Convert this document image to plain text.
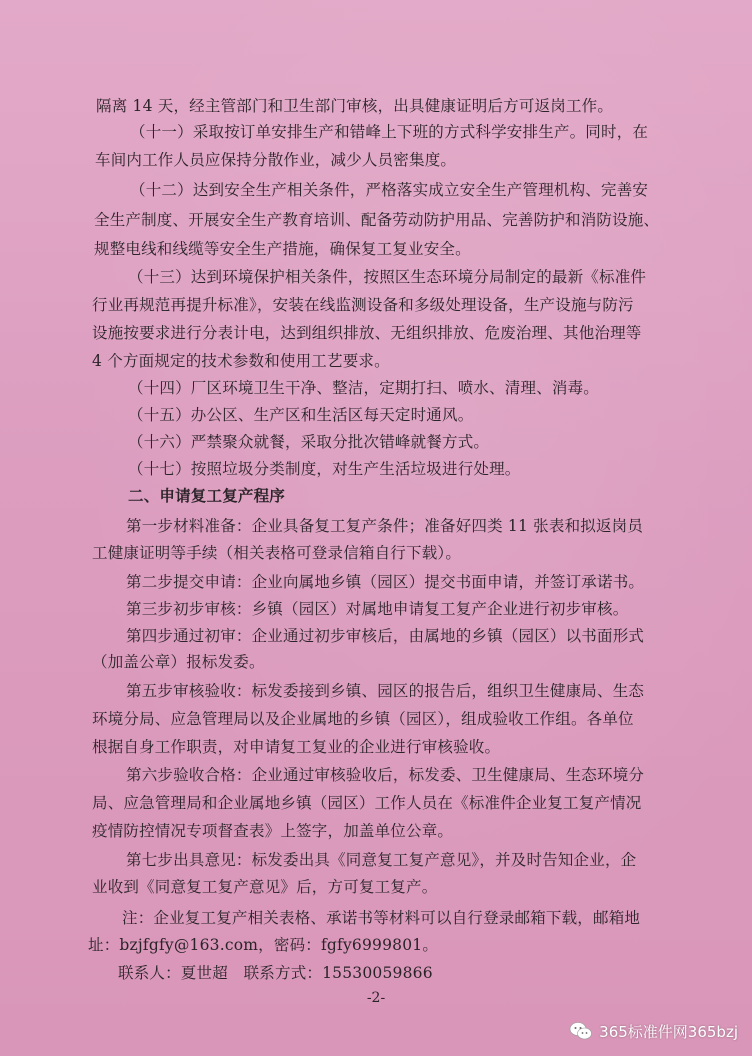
隔离 14 天，经主管部门和卫生部门审核，出具健康证明后方可返岗工作。
（十一）采取按订单安排生产和错峰上下班的方式科学安排生产。同时，在
车间内工作人员应保持分散作业，减少人员密集度。
（十二）达到安全生产相关条件，严格落实成立安全生产管理机构、完善安
全生产制度、开展安全生产教育培训、配备劳动防护用品、完善防护和消防设施、
规整电线和线缆等安全生产措施，确保复工复业安全。
（十三）达到环境保护相关条件，按照区生态环境分局制定的最新《标准件
行业再规范再提升标准》，安装在线监测设备和多级处理设备，生产设施与防污
设施按要求进行分表计电，达到组织排放、无组织排放、危废治理、其他治理等
4 个方面规定的技术参数和使用工艺要求。
（十四）厂区环境卫生干净、整洁，定期打扫、喷水、清理、消毒。
（十五）办公区、生产区和生活区每天定时通风。
（十六）严禁聚众就餐，采取分批次错峰就餐方式。
（十七）按照垃圾分类制度，对生产生活垃圾进行处理。
二、申请复工复产程序
第一步材料准备：企业具备复工复产条件；准备好四类 11 张表和拟返岗员
工健康证明等手续（相关表格可登录信箱自行下载）。
第二步提交申请：企业向属地乡镇（园区）提交书面申请，并签订承诺书。
第三步初步审核：乡镇（园区）对属地申请复工复产企业进行初步审核。
第四步通过初审：企业通过初步审核后，由属地的乡镇（园区）以书面形式
（加盖公章）报标发委。
第五步审核验收：标发委接到乡镇、园区的报告后，组织卫生健康局、生态
环境分局、应急管理局以及企业属地的乡镇（园区），组成验收工作组。各单位
根据自身工作职责，对申请复工复业的企业进行审核验收。
第六步验收合格：企业通过审核验收后，标发委、卫生健康局、生态环境分
局、应急管理局和企业属地乡镇（园区）工作人员在《标准件企业复工复产情况
疫情防控情况专项督查表》上签字，加盖单位公章。
第七步出具意见：标发委出具《同意复工复产意见》，并及时告知企业，企
业收到《同意复工复产意见》后，方可复工复产。
注：企业复工复产相关表格、承诺书等材料可以自行登录邮箱下载，邮箱地
址：bzjfgfy@163.com，密码：fgfy6999801。
联系人：夏世超　联系方式：15530059866
-2-
365标准件网365bzj
